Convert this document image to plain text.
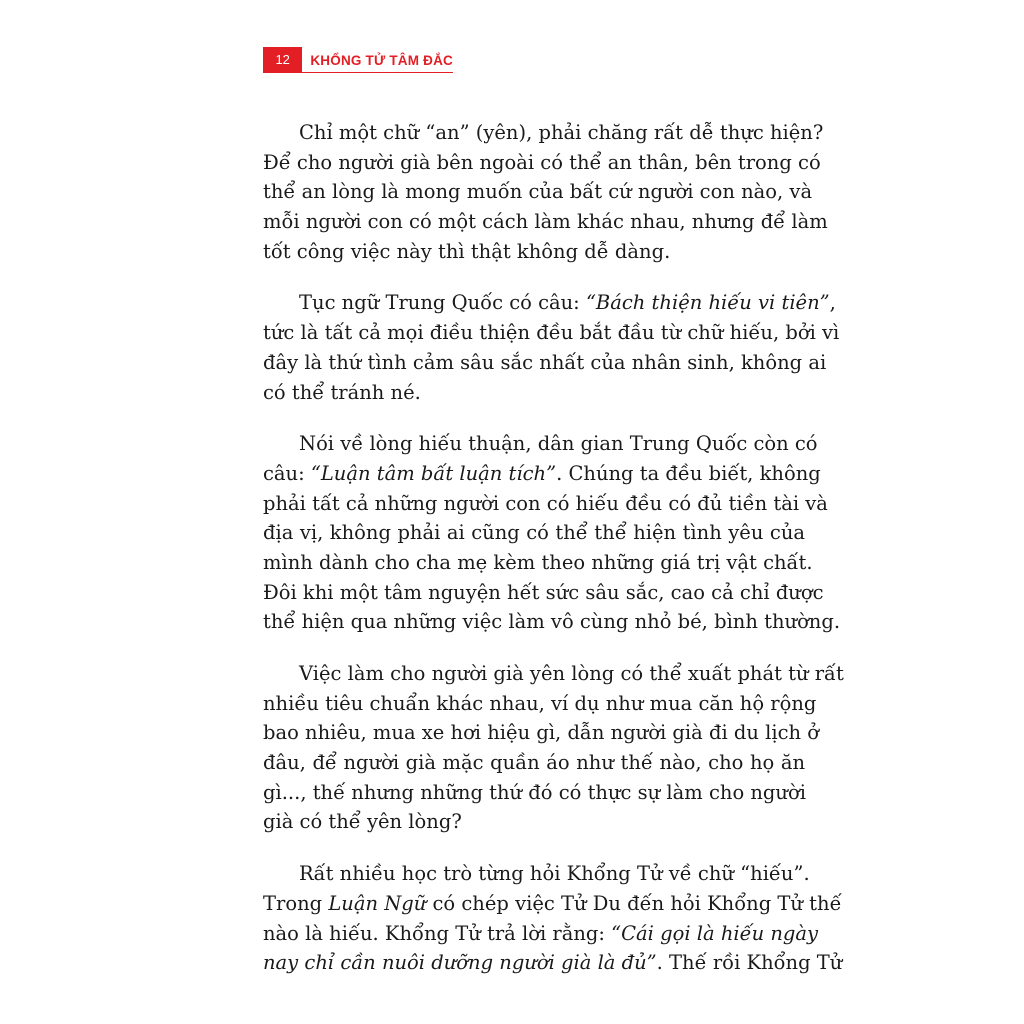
12	KHỔNG TỬ TÂM ĐẮC
Chỉ một chữ “an” (yên), phải chăng rất dễ thực hiện?
Để cho người già bên ngoài có thể an thân, bên trong có
thể an lòng là mong muốn của bất cứ người con nào, và
mỗi người con có một cách làm khác nhau, nhưng để làm
tốt công việc này thì thật không dễ dàng.
Tục ngữ Trung Quốc có câu: “Bách thiện hiếu vi tiên”,
tức là tất cả mọi điều thiện đều bắt đầu từ chữ hiếu, bởi vì
đây là thứ tình cảm sâu sắc nhất của nhân sinh, không ai
có thể tránh né.
Nói về lòng hiếu thuận, dân gian Trung Quốc còn có
câu: “Luận tâm bất luận tích”. Chúng ta đều biết, không
phải tất cả những người con có hiếu đều có đủ tiền tài và
địa vị, không phải ai cũng có thể thể hiện tình yêu của
mình dành cho cha mẹ kèm theo những giá trị vật chất.
Đôi khi một tâm nguyện hết sức sâu sắc, cao cả chỉ được
thể hiện qua những việc làm vô cùng nhỏ bé, bình thường.
Việc làm cho người già yên lòng có thể xuất phát từ rất
nhiều tiêu chuẩn khác nhau, ví dụ như mua căn hộ rộng
bao nhiêu, mua xe hơi hiệu gì, dẫn người già đi du lịch ở
đâu, để người già mặc quần áo như thế nào, cho họ ăn
gì..., thế nhưng những thứ đó có thực sự làm cho người
già có thể yên lòng?
Rất nhiều học trò từng hỏi Khổng Tử về chữ “hiếu”.
Trong Luận Ngữ có chép việc Tử Du đến hỏi Khổng Tử thế
nào là hiếu. Khổng Tử trả lời rằng: “Cái gọi là hiếu ngày
nay chỉ cần nuôi dưỡng người già là đủ”. Thế rồi Khổng Tử
